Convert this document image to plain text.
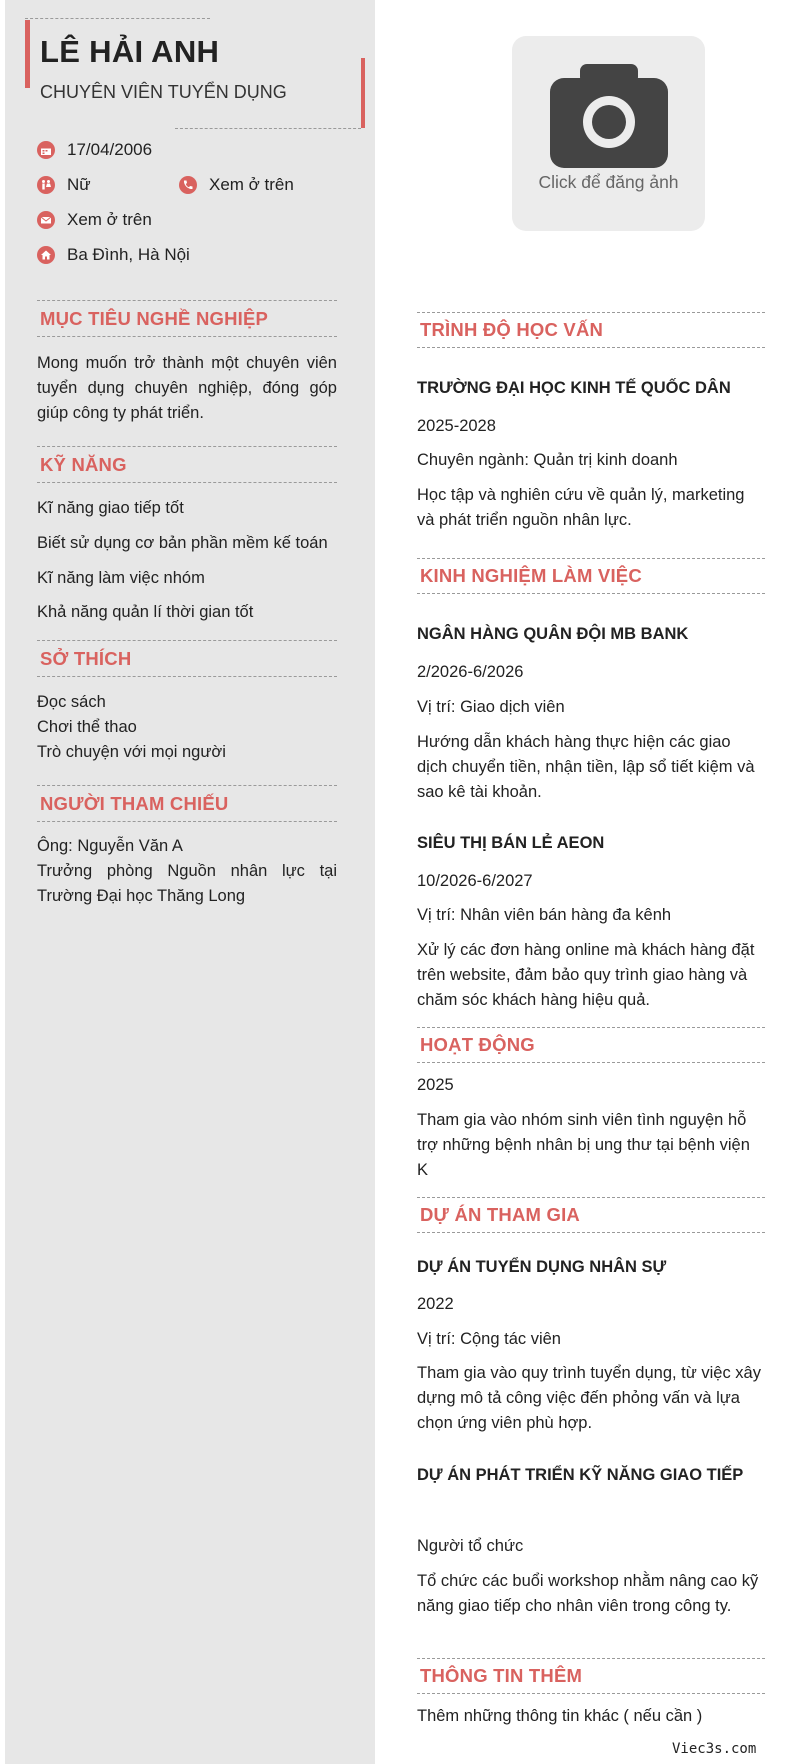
LÊ HẢI ANH
CHUYÊN VIÊN TUYỂN DỤNG
17/04/2006
Nữ	Xem ở trên
Xem ở trên
Ba Đình, Hà Nội
MỤC TIÊU NGHỀ NGHIỆP
Mong muốn trở thành một chuyên viên tuyển dụng chuyên nghiệp, đóng góp giúp công ty phát triển.
KỸ NĂNG
Kĩ năng giao tiếp tốt
Biết sử dụng cơ bản phần mềm kế toán
Kĩ năng làm việc nhóm
Khả năng quản lí thời gian tốt
SỞ THÍCH
Đọc sách
Chơi thể thao
Trò chuyện với mọi người
NGƯỜI THAM CHIẾU
Ông: Nguyễn Văn A
Trưởng phòng Nguồn nhân lực tại Trường Đại học Thăng Long
Click để đăng ảnh
TRÌNH ĐỘ HỌC VẤN
TRƯỜNG ĐẠI HỌC KINH TẾ QUỐC DÂN
2025-2028
Chuyên ngành: Quản trị kinh doanh
Học tập và nghiên cứu về quản lý, marketing và phát triển nguồn nhân lực.
KINH NGHIỆM LÀM VIỆC
NGÂN HÀNG QUÂN ĐỘI MB BANK
2/2026-6/2026
Vị trí: Giao dịch viên
Hướng dẫn khách hàng thực hiện các giao dịch chuyển tiền, nhận tiền, lập sổ tiết kiệm và sao kê tài khoản.
SIÊU THỊ BÁN LẺ AEON
10/2026-6/2027
Vị trí: Nhân viên bán hàng đa kênh
Xử lý các đơn hàng online mà khách hàng đặt trên website, đảm bảo quy trình giao hàng và chăm sóc khách hàng hiệu quả.
HOẠT ĐỘNG
2025
Tham gia vào nhóm sinh viên tình nguyện hỗ trợ những bệnh nhân bị ung thư tại bệnh viện K
DỰ ÁN THAM GIA
DỰ ÁN TUYỂN DỤNG NHÂN SỰ
2022
Vị trí: Cộng tác viên
Tham gia vào quy trình tuyển dụng, từ việc xây dựng mô tả công việc đến phỏng vấn và lựa chọn ứng viên phù hợp.
DỰ ÁN PHÁT TRIỂN KỸ NĂNG GIAO TIẾP
Người tổ chức
Tổ chức các buổi workshop nhằm nâng cao kỹ năng giao tiếp cho nhân viên trong công ty.
THÔNG TIN THÊM
Thêm những thông tin khác ( nếu cần )
Viec3s.com
